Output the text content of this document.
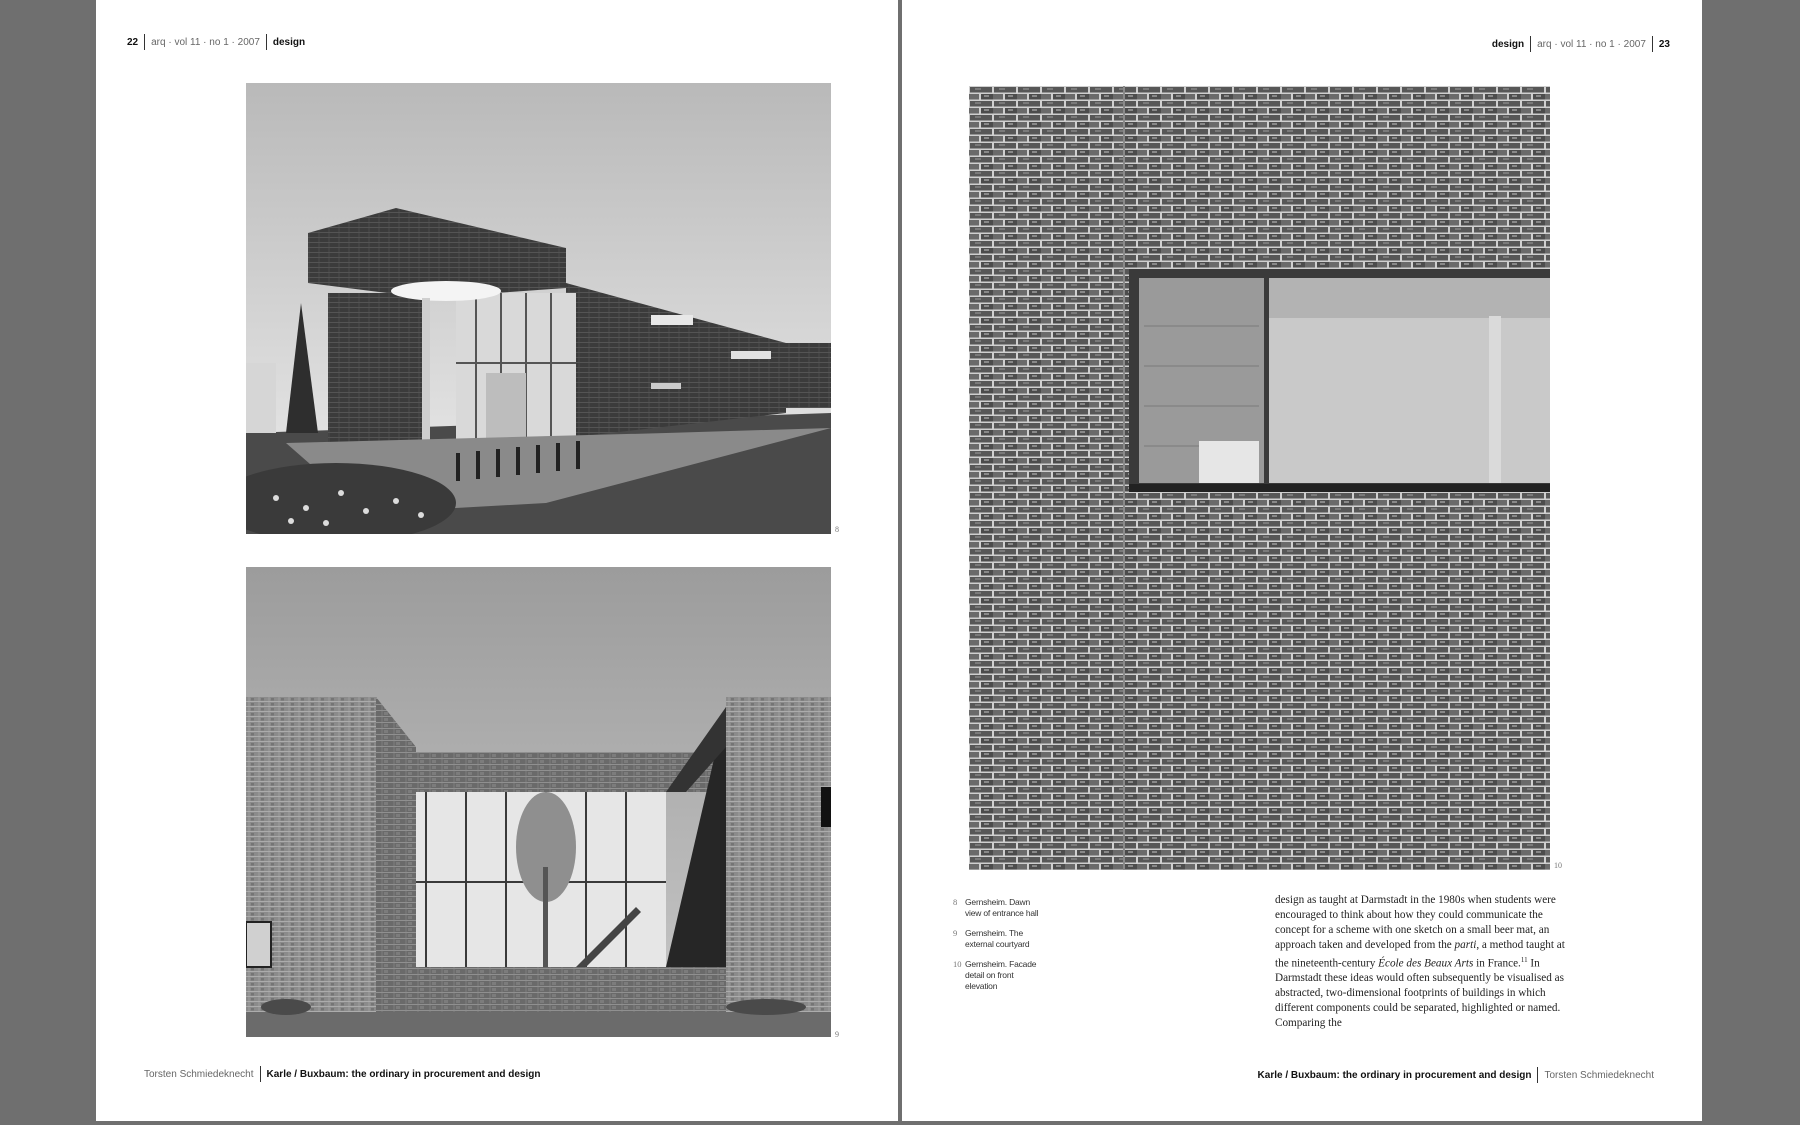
22 arq · vol 11 · no 1 · 2007 design
8
9
Torsten Schmiedeknecht Karle / Buxbaum: the ordinary in procurement and design
design arq · vol 11 · no 1 · 2007 23
10
8 Gernsheim. Dawn view of entrance hall
9 Gernsheim. The external courtyard
10 Gernsheim. Facade detail on front elevation
design as taught at Darmstadt in the 1980s when students were encouraged to think about how they could communicate the concept for a scheme with one sketch on a small beer mat, an approach taken and developed from the parti, a method taught at the nineteenth-century École des Beaux Arts in France.$^{11}$ In Darmstadt these ideas would often subsequently be visualised as abstracted, two-dimensional footprints of buildings in which different components could be separated, highlighted or named. Comparing the
Karle / Buxbaum: the ordinary in procurement and design Torsten Schmiedeknecht
